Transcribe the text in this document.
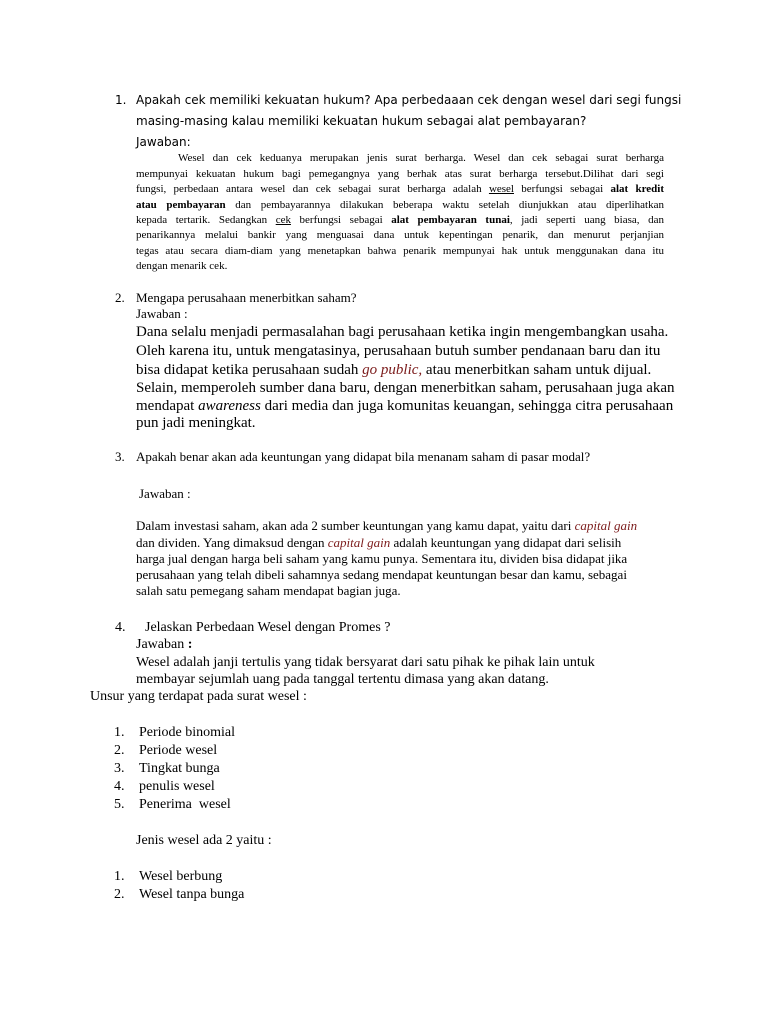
1. Apakah cek memiliki kekuatan hukum? Apa perbedaaan cek dengan wesel dari segi fungsi
masing-masing kalau memiliki kekuatan hukum sebagai alat pembayaran?
Jawaban:
Wesel dan cek keduanya merupakan jenis surat berharga. Wesel dan cek sebagai surat berharga
mempunyai kekuatan hukum bagi pemegangnya yang berhak atas surat berharga tersebut.Dilihat dari segi
fungsi, perbedaan antara wesel dan cek sebagai surat berharga adalah wesel berfungsi sebagai alat kredit
atau pembayaran dan pembayarannya dilakukan beberapa waktu setelah diunjukkan atau diperlihatkan
kepada tertarik. Sedangkan cek berfungsi sebagai alat pembayaran tunai, jadi seperti uang biasa, dan
penarikannya melalui bankir yang menguasai dana untuk kepentingan penarik, dan menurut perjanjian
tegas atau secara diam-diam yang menetapkan bahwa penarik mempunyai hak untuk menggunakan dana itu
dengan menarik cek.
2. Mengapa perusahaan menerbitkan saham?
Jawaban :
Dana selalu menjadi permasalahan bagi perusahaan ketika ingin mengembangkan usaha.
Oleh karena itu, untuk mengatasinya, perusahaan butuh sumber pendanaan baru dan itu
bisa didapat ketika perusahaan sudah go public, atau menerbitkan saham untuk dijual.
Selain, memperoleh sumber dana baru, dengan menerbitkan saham, perusahaan juga akan
mendapat awareness dari media dan juga komunitas keuangan, sehingga citra perusahaan
pun jadi meningkat.
3. Apakah benar akan ada keuntungan yang didapat bila menanam saham di pasar modal?
Jawaban :
Dalam investasi saham, akan ada 2 sumber keuntungan yang kamu dapat, yaitu dari capital gain
dan dividen. Yang dimaksud dengan capital gain adalah keuntungan yang didapat dari selisih
harga jual dengan harga beli saham yang kamu punya. Sementara itu, dividen bisa didapat jika
perusahaan yang telah dibeli sahamnya sedang mendapat keuntungan besar dan kamu, sebagai
salah satu pemegang saham mendapat bagian juga.
4. Jelaskan Perbedaan Wesel dengan Promes ?
Jawaban :
Wesel adalah janji tertulis yang tidak bersyarat dari satu pihak ke pihak lain untuk
membayar sejumlah uang pada tanggal tertentu dimasa yang akan datang.
Unsur yang terdapat pada surat wesel :
1. Periode binomial
2. Periode wesel
3. Tingkat bunga
4. penulis wesel
5. Penerima  wesel
Jenis wesel ada 2 yaitu :
1. Wesel berbung
2. Wesel tanpa bunga
